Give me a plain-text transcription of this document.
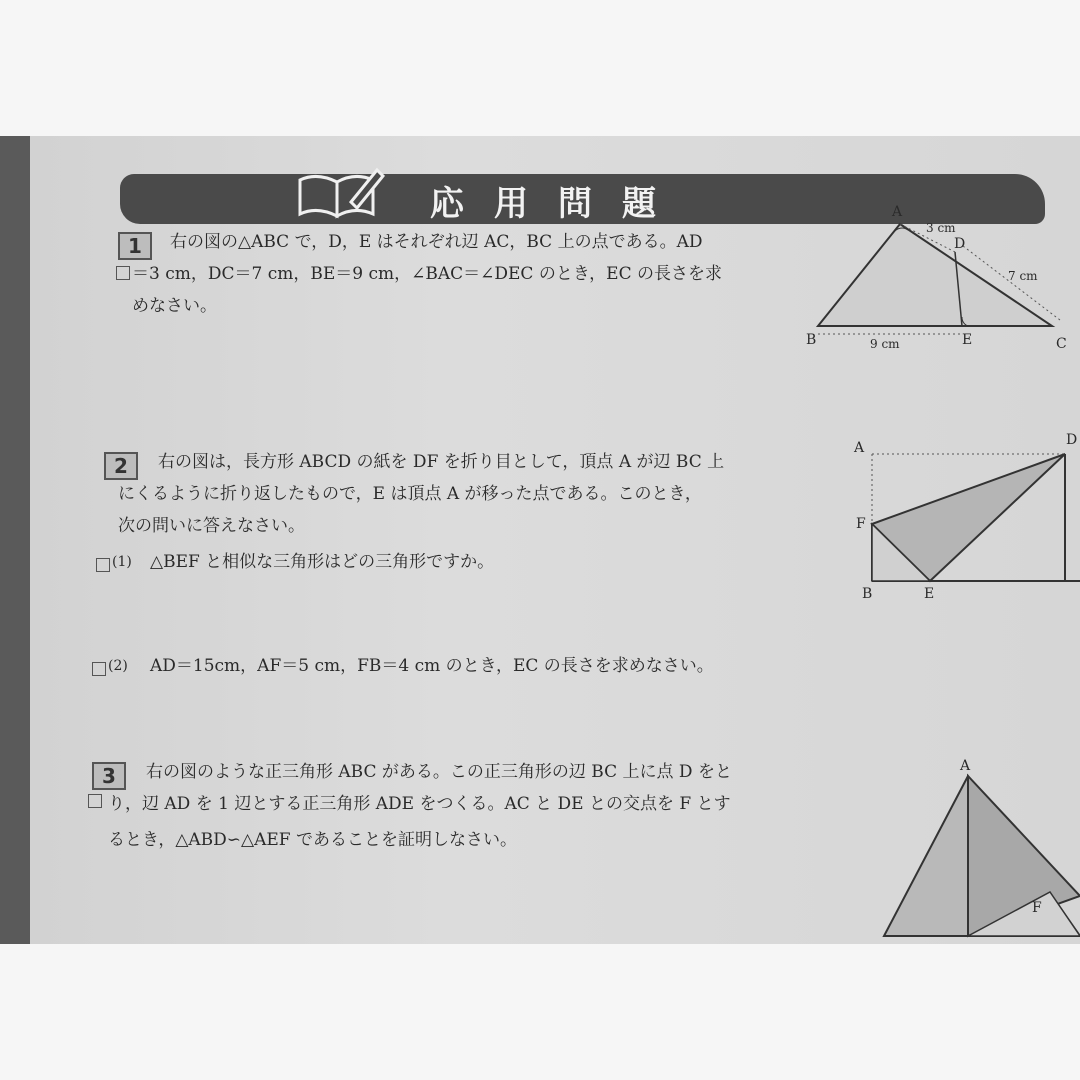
応用問題
1	右の図の△ABC で，D，E はそれぞれ辺 AC，BC 上の点である。AD
＝3 cm，DC＝7 cm，BE＝9 cm，∠BAC＝∠DEC のとき，EC の長さを求
めなさい。
A
B	C
D
E
3 cm
7 cm
9 cm
2	右の図は，長方形 ABCD の紙を DF を折り目として，頂点 A が辺 BC 上
にくるように折り返したもので，E は頂点 A が移った点である。このとき，
次の問いに答えなさい。
(1) △BEF と相似な三角形はどの三角形ですか。
(2) AD＝15cm，AF＝5 cm，FB＝4 cm のとき，EC の長さを求めなさい。
A	D
F
B	E
3	右の図のような正三角形 ABC がある。この正三角形の辺 BC 上に点 D をと
り，辺 AD を 1 辺とする正三角形 ADE をつくる。AC と DE との交点を F とす
るとき，△ABD∽△AEF であることを証明しなさい。
A
F
